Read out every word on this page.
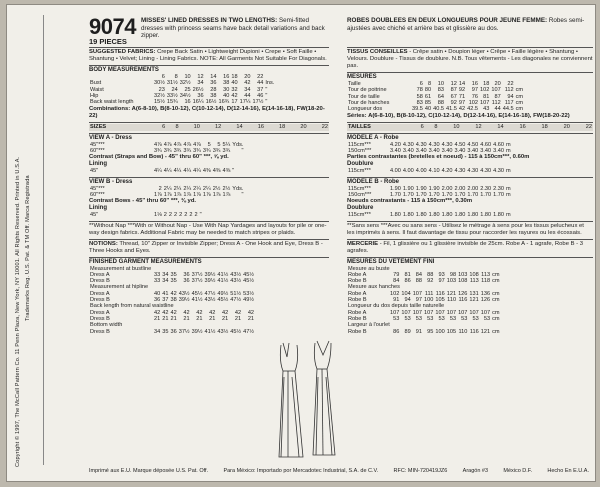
Copyright © 1997, The McCall Pattern Co. 11 Penn Plaza, New York, NY 10001. All Rights Reserved. Printed in U.S.A. Trademarks Reg. U.S. Pat. & TM Off. Marca Registrada
9074
19 PIECES
MISSES' LINED DRESSES IN TWO LENGTHS: Semi-fitted dresses with princess seams have back detail variations and back zipper.
SUGGESTED FABRICS: Crepe Back Satin • Lightweight Dupioni • Crepe • Soft Faille • Shantung • Velvet; Lining - Lining Fabrics. NOTE: All Garments Not Suitable For Diagonals.
BODY MEASUREMENTS
	6	8	10	12	14	16	18	20	22	
Bust	30½	31½	32½	34	36	38	40	42	44	Ins.
Waist	23	24	25	26½	28	30	32	34	37	"
Hip	32½	33½	34½	36	38	40	42	44	46	"
Back waist length	15½	15¾	16	16¼	16½	16¾	17	17¼	17½	"
Combinations: A(6-8-10), B(8-10-12), C(10-12-14), D(12-14-16), E(14-16-18), FW(18-20-22)
SIZES	6	8	10	12	14	16	18	20	22
VIEW A - Dress
45"***	4⅞	4⅞	4⅞	4⅞	4⅞	5	5	5¼	Yds.
60"***	3¾	3¾	3¾	3¾	3¾	3¾	3¾	3¾	"
Contrast (Straps and Bow) - 45" thru 60" ***, ⅝ yd.
Lining
45"	4¼	4¼	4¼	4¼	4¼	4⅜	4⅜	4⅜	"
VIEW B - Dress
45"***	2	2¼	2¼	2¼	2¼	2¼	2½	2½	Yds.
60"***	1⅞	1⅞	1⅞	1⅞	1⅞	1⅞	1⅞	1⅞	"
Contrast Bows - 45" thru 60" ***, ⅜ yd.
Lining
45"	1⅛	2	2	2	2	2	2	2	"
**Without Nap ***With or Without Nap - Use With Nap Yardages and layouts for pile or one-way design fabrics. Additional Fabric may be needed to match stripes or plaids.
NOTIONS: Thread, 10" Zipper or Invisible Zipper; Dress A - One Hook and Eye, Dress B - Three Hooks and Eyes.
FINISHED GARMENT MEASUREMENTS
Measurement at bustline									
Dress A	33	34	35	36	37½	39½	41½	43½	45½
Dress B	33	34	35	36	37½	39½	41½	43½	45½
Measurement at hipline									
Dress A	40	41	42	43½	45½	47½	49½	51½	53½
Dress B	36	37	38	39½	41½	43½	45½	47½	49½
Back length from natural waistline									
Dress A	42	42	42	42	42	42	42	42	42
Dress B	21	21	21	21	21	21	21	21	21
Bottom width									
Dress B	34	35	36	37½	39½	41½	43½	45½	47½
ROBES DOUBLEES EN DEUX LONGUEURS POUR JEUNE FEMME: Robes semi-ajustées avec chiché et arrière bas et glissière au dos.
TISSUS CONSEILLES - Crêpe satin • Doupion léger • Crêpe • Faille légère • Shantung • Velours. Doublure - Tissus de doublure. N.B. Tous vêtements - Les diagonales ne conviennent pas.
MESURES
Taille	6	8	10	12	14	16	18	20	22	
Tour de poitrine	78	80	83	87	92	97	102	107	112	cm
Tour de taille	58	61	64	67	71	76	81	87	94	cm
Tour de hanches	83	85	88	92	97	102	107	112	117	cm
Longueur dos	39.5	40	40.5	41.5	42	42.5	43	44	44.5	cm
Séries: A(6-8-10), B(8-10-12), C(10-12-14), D(12-14-16), E(14-16-18), FW(18-20-22)
TAILLES	6	8	10	12	14	16	18	20	22
MODELE A - Robe
115cm***	4.20	4.30	4.30	4.30	4.30	4.50	4.50	4.60	4.60	m
150cm***	3.40	3.40	3.40	3.40	3.40	3.40	3.40	3.40	3.40	m
Parties contrastantes (bretelles et noeud) - 115 à 150cm***, 0.60m
Doublure
115cm***	4.00	4.00	4.00	4.10	4.20	4.30	4.30	4.30	4.30	m
MODELE B - Robe
115cm***	1.90	1.90	1.90	1.90	2.00	2.00	2.00	2.30	2.30	m
150cm***	1.70	1.70	1.70	1.70	1.70	1.70	1.70	1.70	1.70	m
Noeuds contrastants - 115 à 150cm***, 0.30m
Doublure
115cm***	1.80	1.80	1.80	1.80	1.80	1.80	1.80	1.80	1.80	m
**Sans sens ***Avec ou sans sens - Utilisez le métrage à sens pour les tissus pelucheux et les imprimés à sens. Il faut davantage de tissu pour raccorder les rayures ou les écossais.
MERCERIE - Fil, 1 glissière ou 1 glissière invisible de 25cm. Robe A - 1 agrafe, Robe B - 3 agrafes.
MESURES DU VETEMENT FINI
Mesure au buste										
Robe A	79	81	84	88	93	98	103	108	113	cm
Robe B	84	86	88	92	97	103	108	113	118	cm
Mesure aux hanches										
Robe A	102	104	107	111	116	121	126	131	136	cm
Robe B	91	94	97	100	105	110	116	121	126	cm
Longueur du dos depuis taille naturelle										
Robe A	107	107	107	107	107	107	107	107	107	cm
Robe B	53	53	53	53	53	53	53	53	53	cm
Largeur à l'ourlet										
Robe B	86	89	91	95	100	105	110	116	121	cm
Imprimé aux E.U. Marque déposée U.S. Pat. Off.	Para México: Importado por Mercadotec Industrial, S.A. de C.V.	RFC: MIN-720419JZ6	Aragón #3	México D.F.	Hecho En E.U.A.
